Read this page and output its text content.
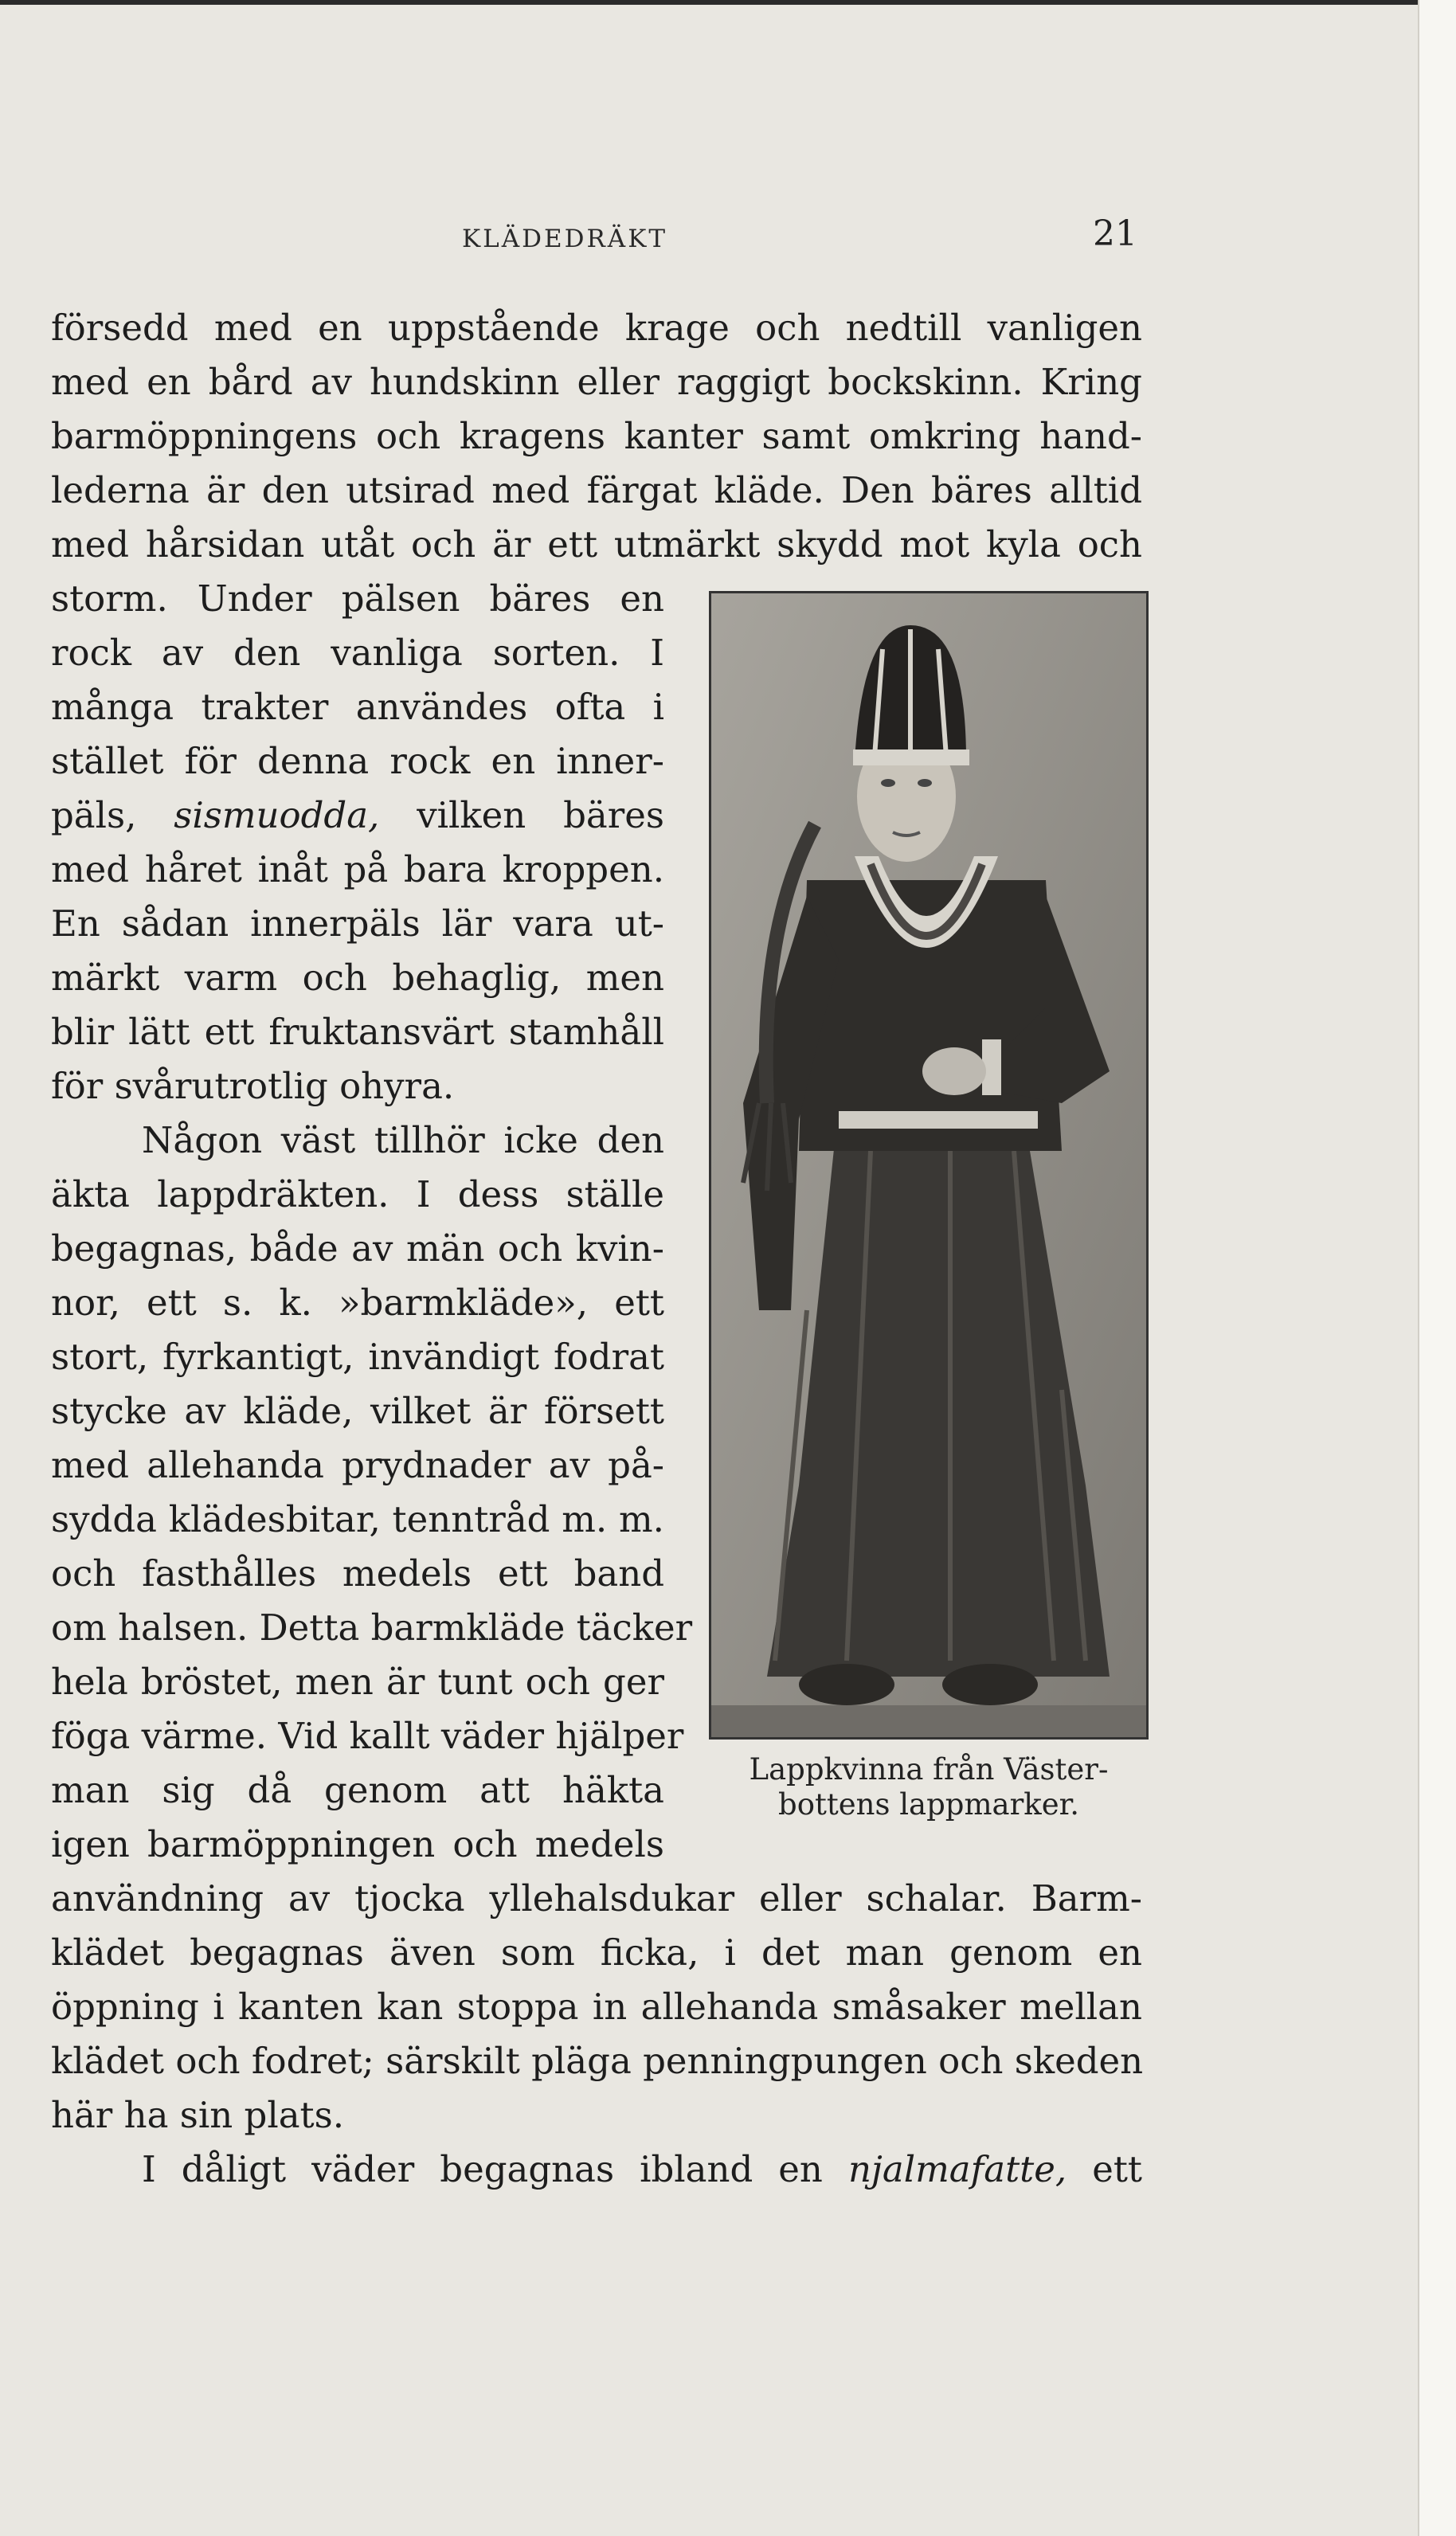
KLÄDEDRÄKT	21
försedd med en uppstående krage och nedtill vanligen
med en bård av hundskinn eller raggigt bockskinn. Kring
barmöppningens och kragens kanter samt omkring hand-
lederna är den utsirad med färgat kläde. Den bäres alltid
med hårsidan utåt och är ett utmärkt skydd mot kyla och
storm. Under pälsen bäres en
rock av den vanliga sorten. I
många trakter användes ofta i
stället för denna rock en inner-
päls, sismuodda, vilken bäres
med håret inåt på bara kroppen.
En sådan innerpäls lär vara ut-
märkt varm och behaglig, men
blir lätt ett fruktansvärt stamhåll
för svårutrotlig ohyra.
Någon väst tillhör icke den
äkta lappdräkten. I dess ställe
begagnas, både av män och kvin-
nor, ett s. k. »barmkläde», ett
stort, fyrkantigt, invändigt fodrat
stycke av kläde, vilket är försett
med allehanda prydnader av på-
sydda klädesbitar, tenntråd m. m.
och fasthålles medels ett band
om halsen. Detta barmkläde täcker
hela bröstet, men är tunt och ger
föga värme. Vid kallt väder hjälper
man sig då genom att häkta
igen barmöppningen och medels
användning av tjocka yllehalsdukar eller schalar. Barm-
klädet begagnas även som ficka, i det man genom en
öppning i kanten kan stoppa in allehanda småsaker mellan
klädet och fodret; särskilt pläga penningpungen och skeden
här ha sin plats.
I dåligt väder begagnas ibland en njalmafatte, ett
Lappkvinna från Väster-
bottens lappmarker.
